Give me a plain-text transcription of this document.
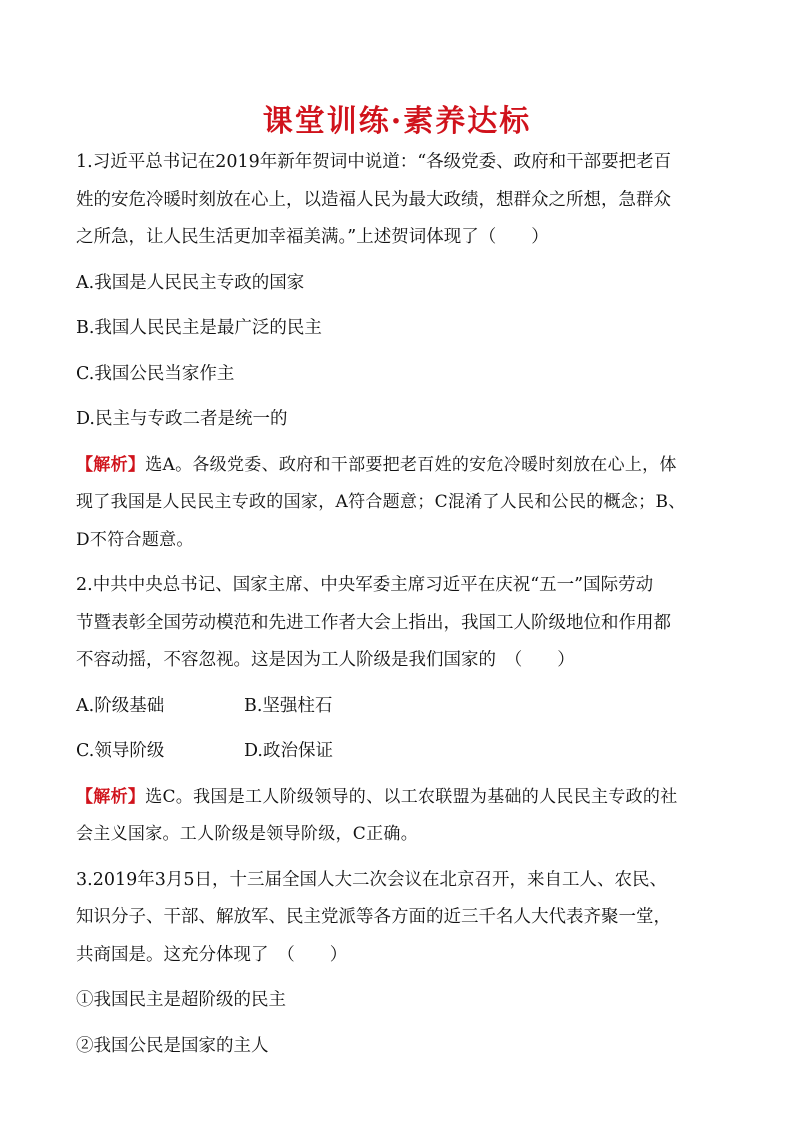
课堂训练·素养达标
1.习近平总书记在2019年新年贺词中说道：“各级党委、政府和干部要把老百
姓的安危冷暖时刻放在心上，以造福人民为最大政绩，想群众之所想，急群众
之所急，让人民生活更加幸福美满。”上述贺词体现了（　　）
A.我国是人民民主专政的国家
B.我国人民民主是最广泛的民主
C.我国公民当家作主
D.民主与专政二者是统一的
【解析】选A。各级党委、政府和干部要把老百姓的安危冷暖时刻放在心上，体
现了我国是人民民主专政的国家，A符合题意；C混淆了人民和公民的概念；B、
D不符合题意。
2.中共中央总书记、国家主席、中央军委主席习近平在庆祝“五一”国际劳动
节暨表彰全国劳动模范和先进工作者大会上指出，我国工人阶级地位和作用都
不容动摇，不容忽视。这是因为工人阶级是我们国家的　（　　）
A.阶级基础	B.坚强柱石
C.领导阶级	D.政治保证
【解析】选C。我国是工人阶级领导的、以工农联盟为基础的人民民主专政的社
会主义国家。工人阶级是领导阶级，C正确。
3.2019年3月5日，十三届全国人大二次会议在北京召开，来自工人、农民、
知识分子、干部、解放军、民主党派等各方面的近三千名人大代表齐聚一堂，
共商国是。这充分体现了　（　　）
①我国民主是超阶级的民主
②我国公民是国家的主人
